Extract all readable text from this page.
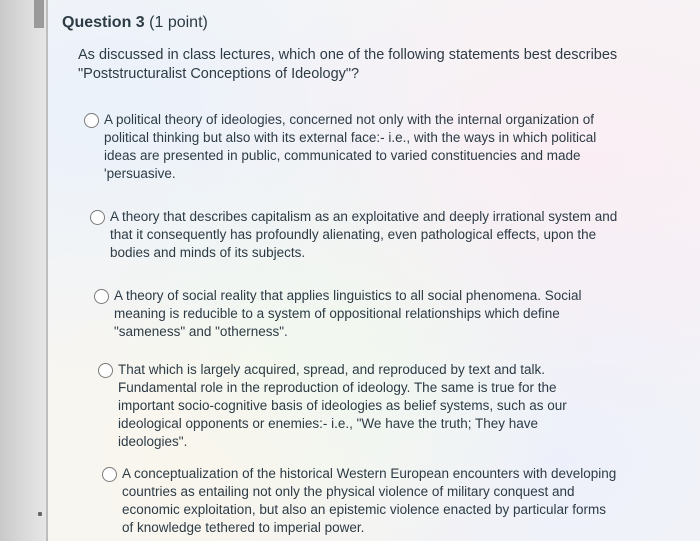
Question 3 (1 point)
As discussed in class lectures, which one of the following statements best describes "Poststructuralist Conceptions of Ideology"?
A political theory of ideologies, concerned not only with the internal organization of political thinking but also with its external face:- i.e., with the ways in which political ideas are presented in public, communicated to varied constituencies and made 'persuasive.
A theory that describes capitalism as an exploitative and deeply irrational system and that it consequently has profoundly alienating, even pathological effects, upon the bodies and minds of its subjects.
A theory of social reality that applies linguistics to all social phenomena. Social meaning is reducible to a system of oppositional relationships which define "sameness" and "otherness".
That which is largely acquired, spread, and reproduced by text and talk. Fundamental role in the reproduction of ideology. The same is true for the important socio-cognitive basis of ideologies as belief systems, such as our ideological opponents or enemies:- i.e., "We have the truth; They have ideologies".
A conceptualization of the historical Western European encounters with developing countries as entailing not only the physical violence of military conquest and economic exploitation, but also an epistemic violence enacted by particular forms of knowledge tethered to imperial power.
